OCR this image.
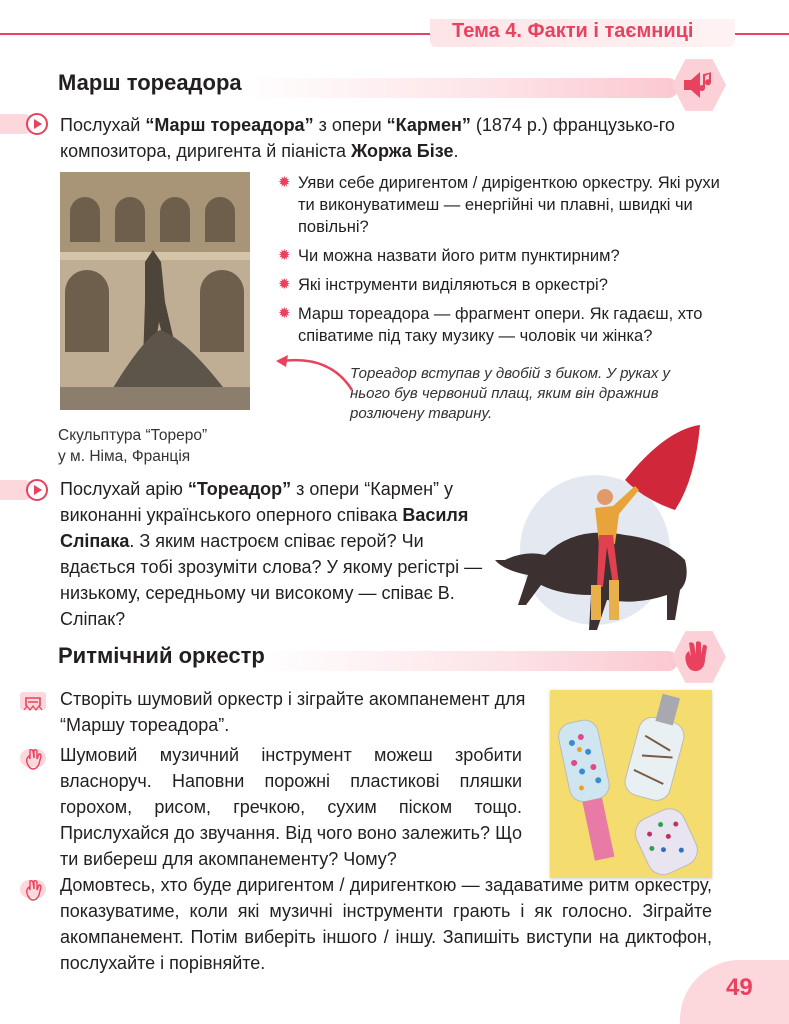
Тема 4. Факти і таємниці
Марш тореадора
Послухай “Марш тореадора” з опери “Кармен” (1874 р.) французько-го композитора, диригента й піаніста Жоржа Бізе.
✹ Уяви себе диригентом / дирigенткою оркестру. Які рухи ти виконуватимеш — енергійні чи плавні, швидкі чи повільні?
✹ Чи можна назвати його ритм пунктирним?
✹ Які інструменти виділяються в оркестрі?
✹ Марш тореадора — фрагмент опери. Як гадаєш, хто співатиме під таку музику — чоловік чи жінка?
Тореадор вступав у двобій з биком. У руках у нього був червоний плащ, яким він дражнив розлючену тварину.
Скульптура “Тореро”
у м. Німа, Франція
Послухай арію “Тореадор” з опери “Кармен” у виконанні українського оперного співака Василя Сліпака. З яким настроєм співає герой? Чи вдається тобі зрозуміти слова? У якому регістрі — низькому, середньому чи високому — співає В. Сліпак?
Ритмічний оркестр
Створіть шумовий оркестр і зіграйте акомпанемент для “Маршу тореадора”.
Шумовий музичний інструмент можеш зробити власноруч. Наповни порожні пластикові пляшки горохом, рисом, гречкою, сухим піском тощо. Прислухайся до звучання. Від чого воно залежить? Що ти вибереш для акомпанементу? Чому?
Домовтесь, хто буде диригентом / диригенткою — задаватиме ритм оркестру, показуватиме, коли які музичні інструменти грають і як голосно. Зіграйте акомпанемент. Потім виберіть іншого / іншу. Запишіть виступи на диктофон, послухайте і порівняйте.
49
